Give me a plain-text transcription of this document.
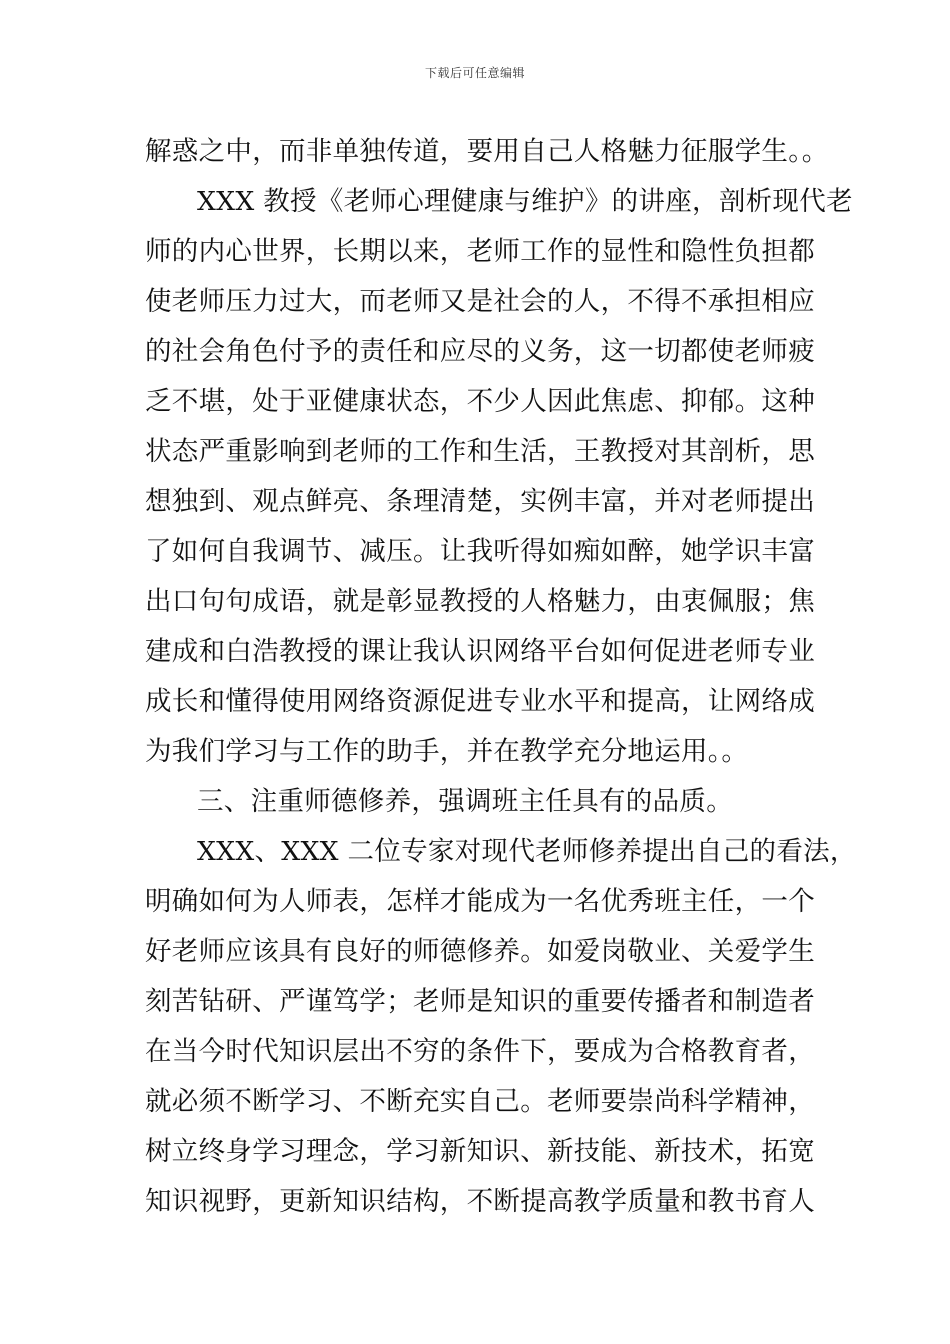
下载后可任意编辑
解惑之中，而非单独传道，要用自己人格魅力征服学生。。
XXX 教授《老师心理健康与维护》的讲座，剖析现代老
师的内心世界，长期以来，老师工作的显性和隐性负担都
使老师压力过大，而老师又是社会的人，不得不承担相应
的社会角色付予的责任和应尽的义务，这一切都使老师疲
乏不堪，处于亚健康状态，不少人因此焦虑、抑郁。这种
状态严重影响到老师的工作和生活，王教授对其剖析，思
想独到、观点鲜亮、条理清楚，实例丰富，并对老师提出
了如何自我调节、减压。让我听得如痴如醉，她学识丰富
出口句句成语，就是彰显教授的人格魅力，由衷佩服；焦
建成和白浩教授的课让我认识网络平台如何促进老师专业
成长和懂得使用网络资源促进专业水平和提高，让网络成
为我们学习与工作的助手，并在教学充分地运用。。
三、注重师德修养，强调班主任具有的品质。
XXX、XXX 二位专家对现代老师修养提出自己的看法，
明确如何为人师表，怎样才能成为一名优秀班主任，一个
好老师应该具有良好的师德修养。如爱岗敬业、关爱学生
刻苦钻研、严谨笃学；老师是知识的重要传播者和制造者
在当今时代知识层出不穷的条件下，要成为合格教育者，
就必须不断学习、不断充实自己。老师要崇尚科学精神，
树立终身学习理念，学习新知识、新技能、新技术，拓宽
知识视野，更新知识结构，不断提高教学质量和教书育人
